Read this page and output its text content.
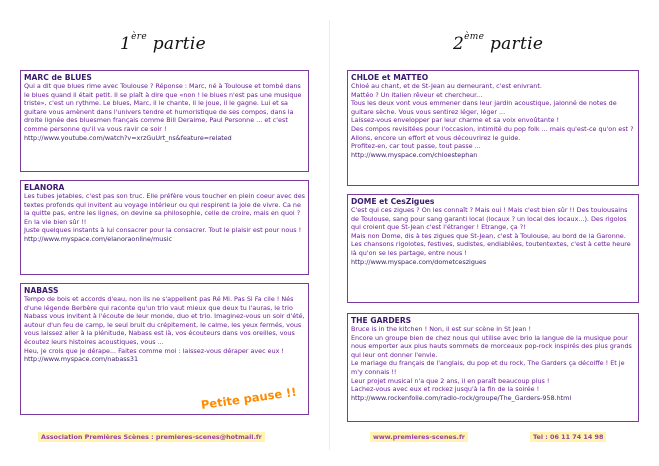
1ère partie
MARC de BLUES
Qui a dit que blues rime avec Toulouse ? Réponse : Marc, né à Toulouse et tombé dans le blues quand il était petit. Il se plaît à dire que «non ! le blues n'est pas une musique triste», c'est un rythme. Le blues, Marc, il le chante, il le joue, il le gagne. Lui et sa guitare vous amènent dans l'univers tendre et humoristique de ses compos, dans la droite lignée des bluesmen français comme Bill Deraime, Paul Personne ... et c'est comme personne qu'il va vous ravir ce soir !
http://www.youtube.com/watch?v=xrzGuUrt_ns&feature=related
ELANORA
Les tubes jetables, c'est pas son truc. Elle préfère vous toucher en plein coeur avec des textes profonds qui invitent au voyage intérieur ou qui respirent la joie de vivre. Ca ne la quitte pas, entre les lignes, on devine sa philosophie, celle de croire, mais en quoi ? En la vie bien sûr !!
Juste quelques instants à lui consacrer pour la consacrer. Tout le plaisir est pour nous !
http://www.myspace.com/elanoraonline/music
NABASS
Tempo de bois et accords d'eau, non ils ne s'appellent pas Ré Mi. Pas Si Fa cile ! Nés d'une légende Berbère qui raconte qu'un trio vaut mieux que deux tu l'auras, le trio Nabass vous invitent à l'écoute de leur monde, duo et trio. Imaginez-vous un soir d'été, autour d'un feu de camp, le seul bruit du crépitement, le calme, les yeux fermés, vous vous laissez aller à la plénitude, Nabass est là, vos écouteurs dans vos oreilles, vous écoutez leurs histoires acoustiques, vous ...
Heu, je crois que je dérape... Faites comme moi : laissez-vous déraper avec eux !
http://www.myspace.com/nabass31
Petite pause !!
Association Premières Scènes : premieres-scenes@hotmail.fr
2ème partie
CHLOE et MATTEO
Chloé au chant, et de St-Jean au demeurant, c'est enivrant.
Mattéo ? Un italien rêveur et chercheur...
Tous les deux vont vous emmener dans leur jardin acoustique, jalonné de notes de guitare sèche. Vous vous sentirez léger, léger ...
Laissez-vous envelopper par leur charme et sa voix envoûtante !
Des compos revisitées pour l'occasion, intimité du pop folk ... mais qu'est-ce qu'on est ? Allons, encore un effort et vous découvrirez le guide.
Profitez-en, car tout passe, tout passe ...
http://www.myspace.com/chloestephan
DOME et CesZigues
C'est qui ces zigues ? On les connaît ? Mais oui ! Mais c'est bien sûr !! Des toulousains de Toulouse, sang pour sang garanti local (locaux ? un local des locaux...). Des rigolos qui croient que St-Jean c'est l'étranger ! Etrange, ça ?!
Mais non Dome, dis à tes zigues que St-Jean, c'est à Toulouse, au bord de la Garonne.
Les chansons rigolotes, festives, sudistes, endiablées, toutentextes, c'est à cette heure là qu'on se les partage, entre nous !
http://www.myspace.com/dometceszigues
THE GARDERS
Bruce is in the kitchen ! Non, il est sur scène in St Jean !
Encore un groupe bien de chez nous qui utilise avec brio la langue de la musique pour nous emporter aux plus hauts sommets de morceaux pop-rock inspirés des plus grands qui leur ont donner l'envie.
Le mariage du français de l'anglais, du pop et du rock, The Garders ça décoiffe ! Et je m'y connais !!
Leur projet musical n'a que 2 ans, il en paraît beaucoup plus !
Lachez-vous avec eux et rockez jusqu'à la fin de la soirée !
http://www.rockenfolie.com/radio-rock/groupe/The_Garders-958.html
www.premieres-scenes.fr	Tel : 06 11 74 14 98
